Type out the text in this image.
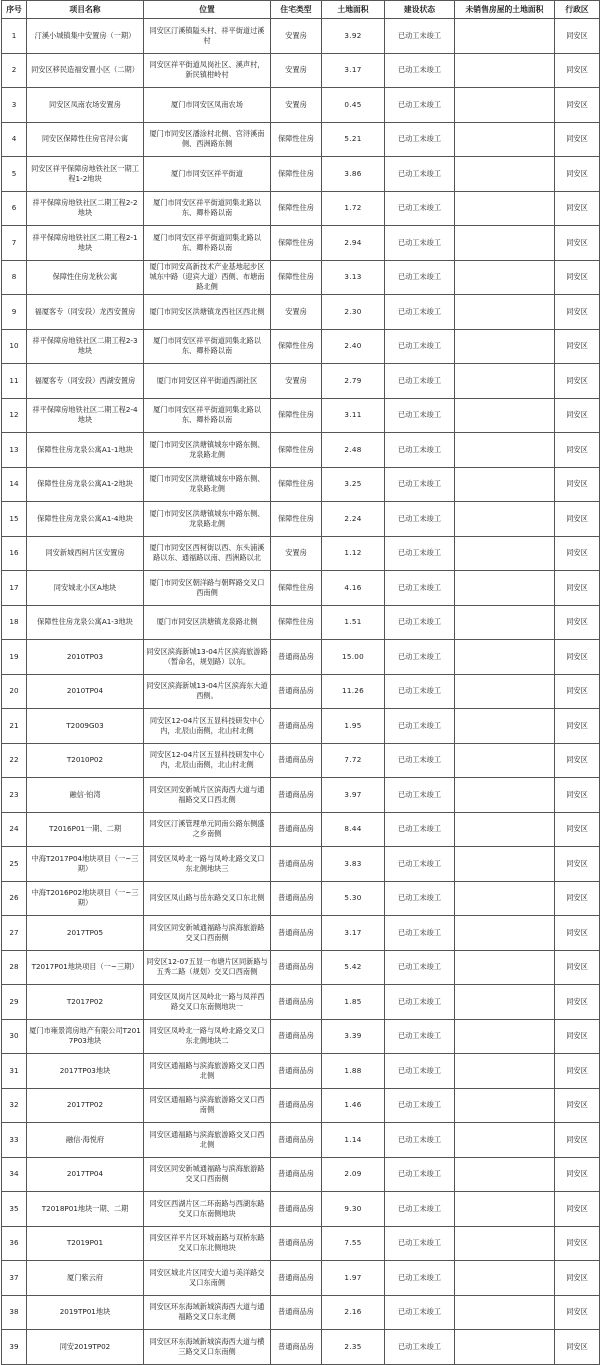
序号	项目名称	位置	住宅类型	土地面积	建设状态	未销售房屋的土地面积	行政区
1	汀溪小城镇集中安置房（一期）	同安区汀溪镇隘头村、祥平街道过溪村	安置房	3.92	已动工未竣工		同安区
2	同安区移民造福安置小区（二期）	同安区祥平街道凤岗社区、溪声村，新民镇柑岭村	安置房	3.17	已动工未竣工		同安区
3	同安区凤南农场安置房	厦门市同安区凤南农场	安置房	0.45	已动工未竣工		同安区
4	同安区保障性住房官浔公寓	厦门市同安区潘涂村北侧、官浔溪南侧、西洲路东侧	保障性住房	5.21	已动工未竣工		同安区
5	同安区祥平保障房地铁社区一期工程1-2地块	厦门市同安区祥平街道	保障性住房	3.86	已动工未竣工		同安区
6	祥平保障房地铁社区二期工程2-2地块	厦门市同安区祥平街道同集北路以东、卿朴路以南	保障性住房	1.72	已动工未竣工		同安区
7	祥平保障房地铁社区二期工程2-1地块	厦门市同安区祥平街道同集北路以东、卿朴路以南	保障性住房	2.94	已动工未竣工		同安区
8	保障性住房龙秋公寓	厦门市同安高新技术产业基地起步区城东中路（迎宾大道）西侧、布塘南路北侧	保障性住房	3.13	已动工未竣工		同安区
9	福厦客专（同安段）龙西安置房	厦门市同安区洪塘镇龙西社区西北侧	安置房	2.30	已动工未竣工		同安区
10	祥平保障房地铁社区二期工程2-3地块	厦门市同安区祥平街道同集北路以东、卿朴路以南	保障性住房	2.40	已动工未竣工		同安区
11	福厦客专（同安段）西湖安置房	厦门市同安区祥平街道西湖社区	安置房	2.79	已动工未竣工		同安区
12	祥平保障房地铁社区二期工程2-4地块	厦门市同安区祥平街道同集北路以东、卿朴路以南	保障性住房	3.11	已动工未竣工		同安区
13	保障性住房龙泉公寓A1-1地块	厦门市同安区洪塘镇城东中路东侧、龙泉路北侧	保障性住房	2.48	已动工未竣工		同安区
14	保障性住房龙泉公寓A1-2地块	厦门市同安区洪塘镇城东中路东侧、龙泉路北侧	保障性住房	3.25	已动工未竣工		同安区
15	保障性住房龙泉公寓A1-4地块	厦门市同安区洪塘镇城东中路东侧、龙泉路北侧	保障性住房	2.24	已动工未竣工		同安区
16	同安新城西柯片区安置房	厦门市同安区西柯街以西、东头浦溪路以东、通福路以南、西洲路以北	安置房	1.12	已动工未竣工		同安区
17	同安城北小区A地块	厦门市同安区朝洋路与朝晖路交叉口西南侧	保障性住房	4.16	已动工未竣工		同安区
18	保障性住房龙泉公寓A1-3地块	厦门市同安区洪塘镇龙泉路北侧	保障性住房	1.51	已动工未竣工		同安区
19	2010TP03	同安区滨海新城13-04片区滨海旅游路（暂命名，规划路）以东。	普通商品房	15.00	已动工未竣工		同安区
20	2010TP04	同安区滨海新城13-04片区滨海东大道西侧。	普通商品房	11.26	已动工未竣工		同安区
21	T2009G03	同安区12-04片区五显科技研发中心内，北辰山南侧，北山村北侧	普通商品房	1.95	已动工未竣工		同安区
22	T2010P02	同安区12-04片区五显科技研发中心内，北辰山南侧，北山村北侧	普通商品房	7.72	已动工未竣工		同安区
23	融信·铂湾	同安区同安新城片区滨海西大道与通福路交叉口西北侧	普通商品房	3.97	已动工未竣工		同安区
24	T2016P01一期、二期	同安区汀溪管理单元同南公路东侧盛之乡南侧	普通商品房	8.44	已动工未竣工		同安区
25	中海T2017P04地块项目（一~三期）	同安区凤岭北一路与凤岭北路交叉口东北侧地块三	普通商品房	3.83	已动工未竣工		同安区
26	中海T2016P02地块项目（一~三期）	同安区凤山路与岳东路交叉口东北侧	普通商品房	5.30	已动工未竣工		同安区
27	2017TP05	同安区同安新城通福路与滨海旅游路交叉口西南侧	普通商品房	3.17	已动工未竣工		同安区
28	T2017P01地块项目（一~三期）	同安区12-07五显一布塘片区同新路与五秀二路（规划）交叉口西南侧	普通商品房	5.42	已动工未竣工		同安区
29	T2017P02	同安区凤岗片区凤岭北一路与凤祥西路交叉口东南侧地块一	普通商品房	1.85	已动工未竣工		同安区
30	厦门市雍景湾房地产有限公司T2017P03地块	同安区凤岭北一路与凤岭北路交叉口东北侧地块二	普通商品房	3.39	已动工未竣工		同安区
31	2017TP03地块	同安区通福路与滨海旅游路交叉口西北侧	普通商品房	1.88	已动工未竣工		同安区
32	2017TP02	同安区通福路与滨海旅游路交叉口西南侧	普通商品房	1.46	已动工未竣工		同安区
33	融信·海悦府	同安区通福路与滨海旅游路交叉口西北侧	普通商品房	1.14	已动工未竣工		同安区
34	2017TP04	同安区同安新城通福路与滨海旅游路交叉口西南侧	普通商品房	2.09	已动工未竣工		同安区
35	T2018P01地块一期、二期	同安区西湖片区二环南路与西湖东路交叉口东南侧地块	普通商品房	9.30	已动工未竣工		同安区
36	T2019P01	同安区祥平片区环城南路与双桥东路交叉口东北侧地块	普通商品房	7.55	已动工未竣工		同安区
37	厦门紫云府	同安区城北片区同安大道与美洋路交叉口东南侧	普通商品房	1.97	已动工未竣工		同安区
38	2019TP01地块	同安区环东海域新城滨海西大道与通福路交叉口东北侧	普通商品房	2.16	已动工未竣工		同安区
39	同安2019TP02	同安区环东海域新城滨海西大道与横三路交叉口东南侧	普通商品房	2.35	已动工未竣工		同安区
